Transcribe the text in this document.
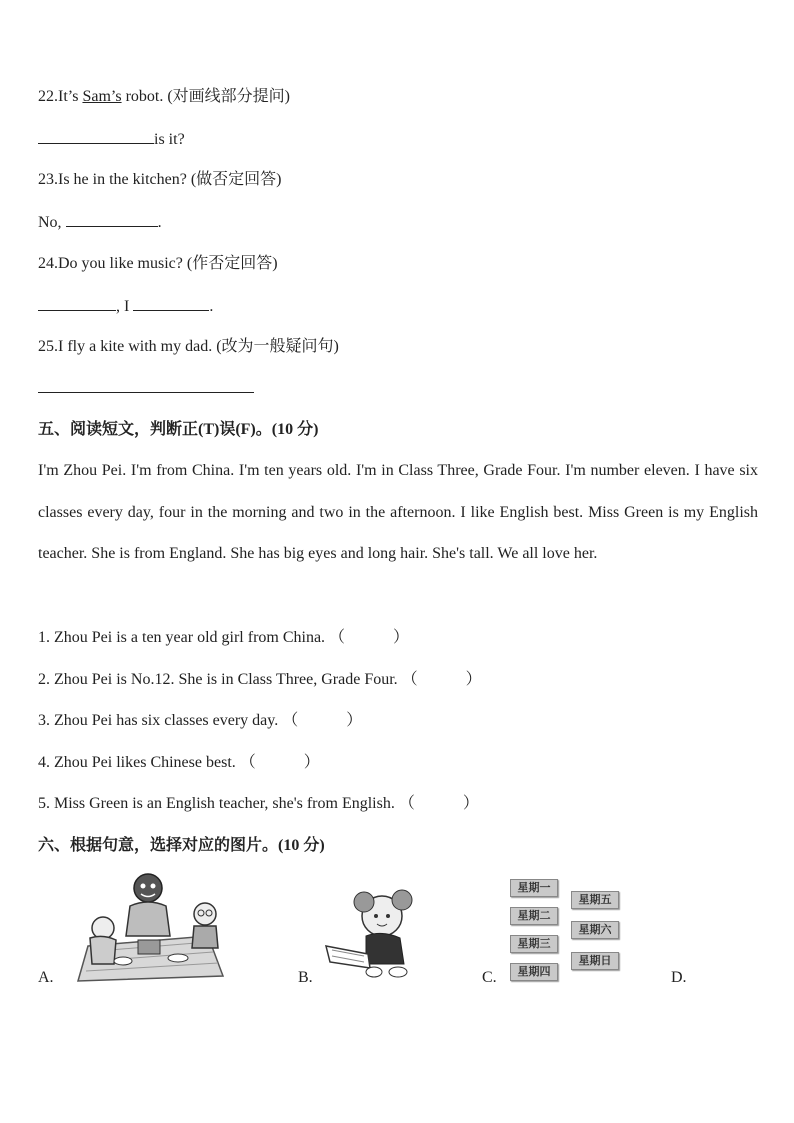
22.It’s Sam’s robot. (对画线部分提问)
is it?
23.Is he in the kitchen? (做否定回答)
No,	.
24.Do you like music? (作否定回答)
, I	.
25.I fly a kite with my dad. (改为一般疑问句)
五、阅读短文，判断正(T)误(F)。(10 分)
I'm Zhou Pei. I'm from China. I'm ten years old. I'm in Class Three, Grade Four. I'm number eleven. I have six classes every day, four in the morning and two in the afternoon. I like English best. Miss Green is my English teacher. She is from England. She has big eyes and long hair. She's tall. We all love her.
1. Zhou Pei is a ten year old girl from China. （　　　）
2. Zhou Pei is No.12. She is in Class Three, Grade Four. （　　　）
3. Zhou Pei has six classes every day. （　　　）
4. Zhou Pei likes Chinese best. （　　　）
5. Miss Green is an English teacher, she's from English. （　　　）
六、根据句意，选择对应的图片。(10 分)
A.	B.
星期一
星期二
星期三
星期四
星期五
星期六
星期日
C.	D.
